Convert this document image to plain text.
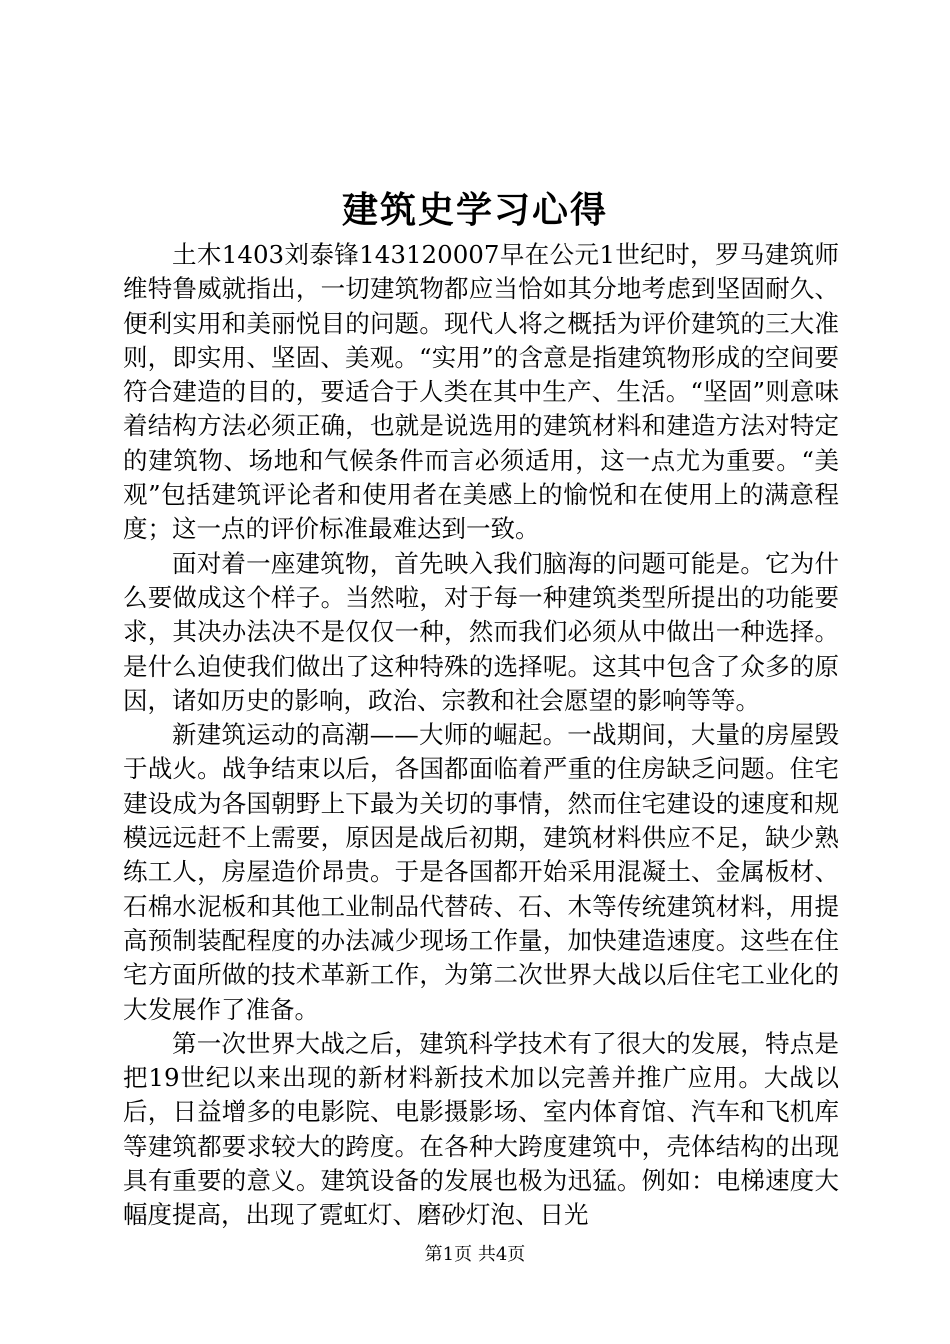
建筑史学习心得

土木1403刘泰锋143120007早在公元1世纪时，罗马建筑师维特鲁威就指出，一切建筑物都应当恰如其分地考虑到坚固耐久、便利实用和美丽悦目的问题。现代人将之概括为评价建筑的三大准则，即实用、坚固、美观。“实用”的含意是指建筑物形成的空间要符合建造的目的，要适合于人类在其中生产、生活。“坚固”则意味着结构方法必须正确，也就是说选用的建筑材料和建造方法对特定的建筑物、场地和气候条件而言必须适用，这一点尤为重要。“美观”包括建筑评论者和使用者在美感上的愉悦和在使用上的满意程度；这一点的评价标准最难达到一致。

面对着一座建筑物，首先映入我们脑海的问题可能是。它为什么要做成这个样子。当然啦，对于每一种建筑类型所提出的功能要求，其决办法决不是仅仅一种，然而我们必须从中做出一种选择。是什么迫使我们做出了这种特殊的选择呢。这其中包含了众多的原因，诸如历史的影响，政治、宗教和社会愿望的影响等等。

新建筑运动的高潮——大师的崛起。一战期间，大量的房屋毁于战火。战争结束以后，各国都面临着严重的住房缺乏问题。住宅建设成为各国朝野上下最为关切的事情，然而住宅建设的速度和规模远远赶不上需要，原因是战后初期，建筑材料供应不足，缺少熟练工人，房屋造价昂贵。于是各国都开始采用混凝土、金属板材、石棉水泥板和其他工业制品代替砖、石、木等传统建筑材料，用提高预制装配程度的办法减少现场工作量，加快建造速度。这些在住宅方面所做的技术革新工作，为第二次世界大战以后住宅工业化的大发展作了准备。

第一次世界大战之后，建筑科学技术有了很大的发展，特点是把19世纪以来出现的新材料新技术加以完善并推广应用。大战以后，日益增多的电影院、电影摄影场、室内体育馆、汽车和飞机库等建筑都要求较大的跨度。在各种大跨度建筑中，壳体结构的出现具有重要的意义。建筑设备的发展也极为迅猛。例如：电梯速度大幅度提高，出现了霓虹灯、磨砂灯泡、日光

第1页 共4页
